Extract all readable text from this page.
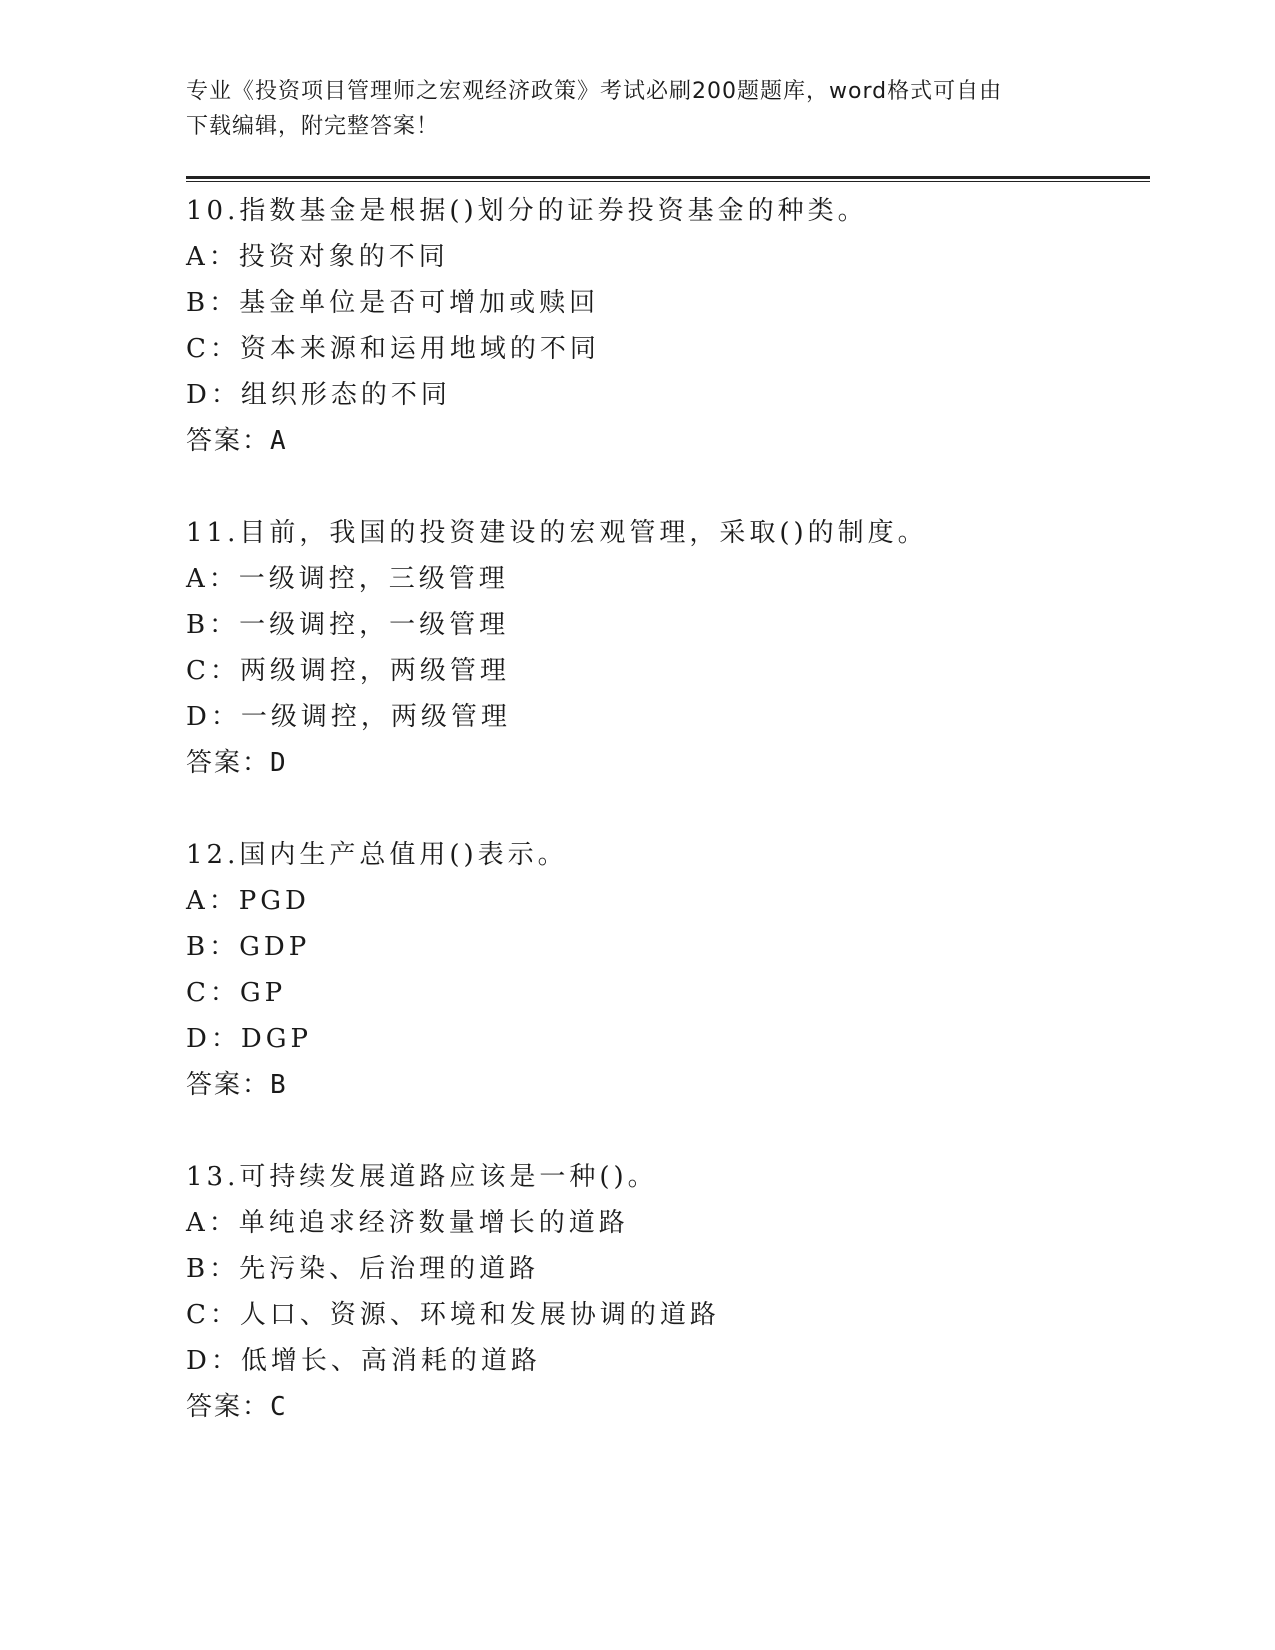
专业《投资项目管理师之宏观经济政策》考试必刷200题题库，word格式可自由
下载编辑，附完整答案！
10.指数基金是根据()划分的证券投资基金的种类。
A：投资对象的不同
B：基金单位是否可增加或赎回
C：资本来源和运用地域的不同
D：组织形态的不同
答案：A
11.目前，我国的投资建设的宏观管理，采取()的制度。
A：一级调控，三级管理
B：一级调控，一级管理
C：两级调控，两级管理
D：一级调控，两级管理
答案：D
12.国内生产总值用()表示。
A：PGD
B：GDP
C：GP
D：DGP
答案：B
13.可持续发展道路应该是一种()。
A：单纯追求经济数量增长的道路
B：先污染、后治理的道路
C：人口、资源、环境和发展协调的道路
D：低增长、高消耗的道路
答案：C
